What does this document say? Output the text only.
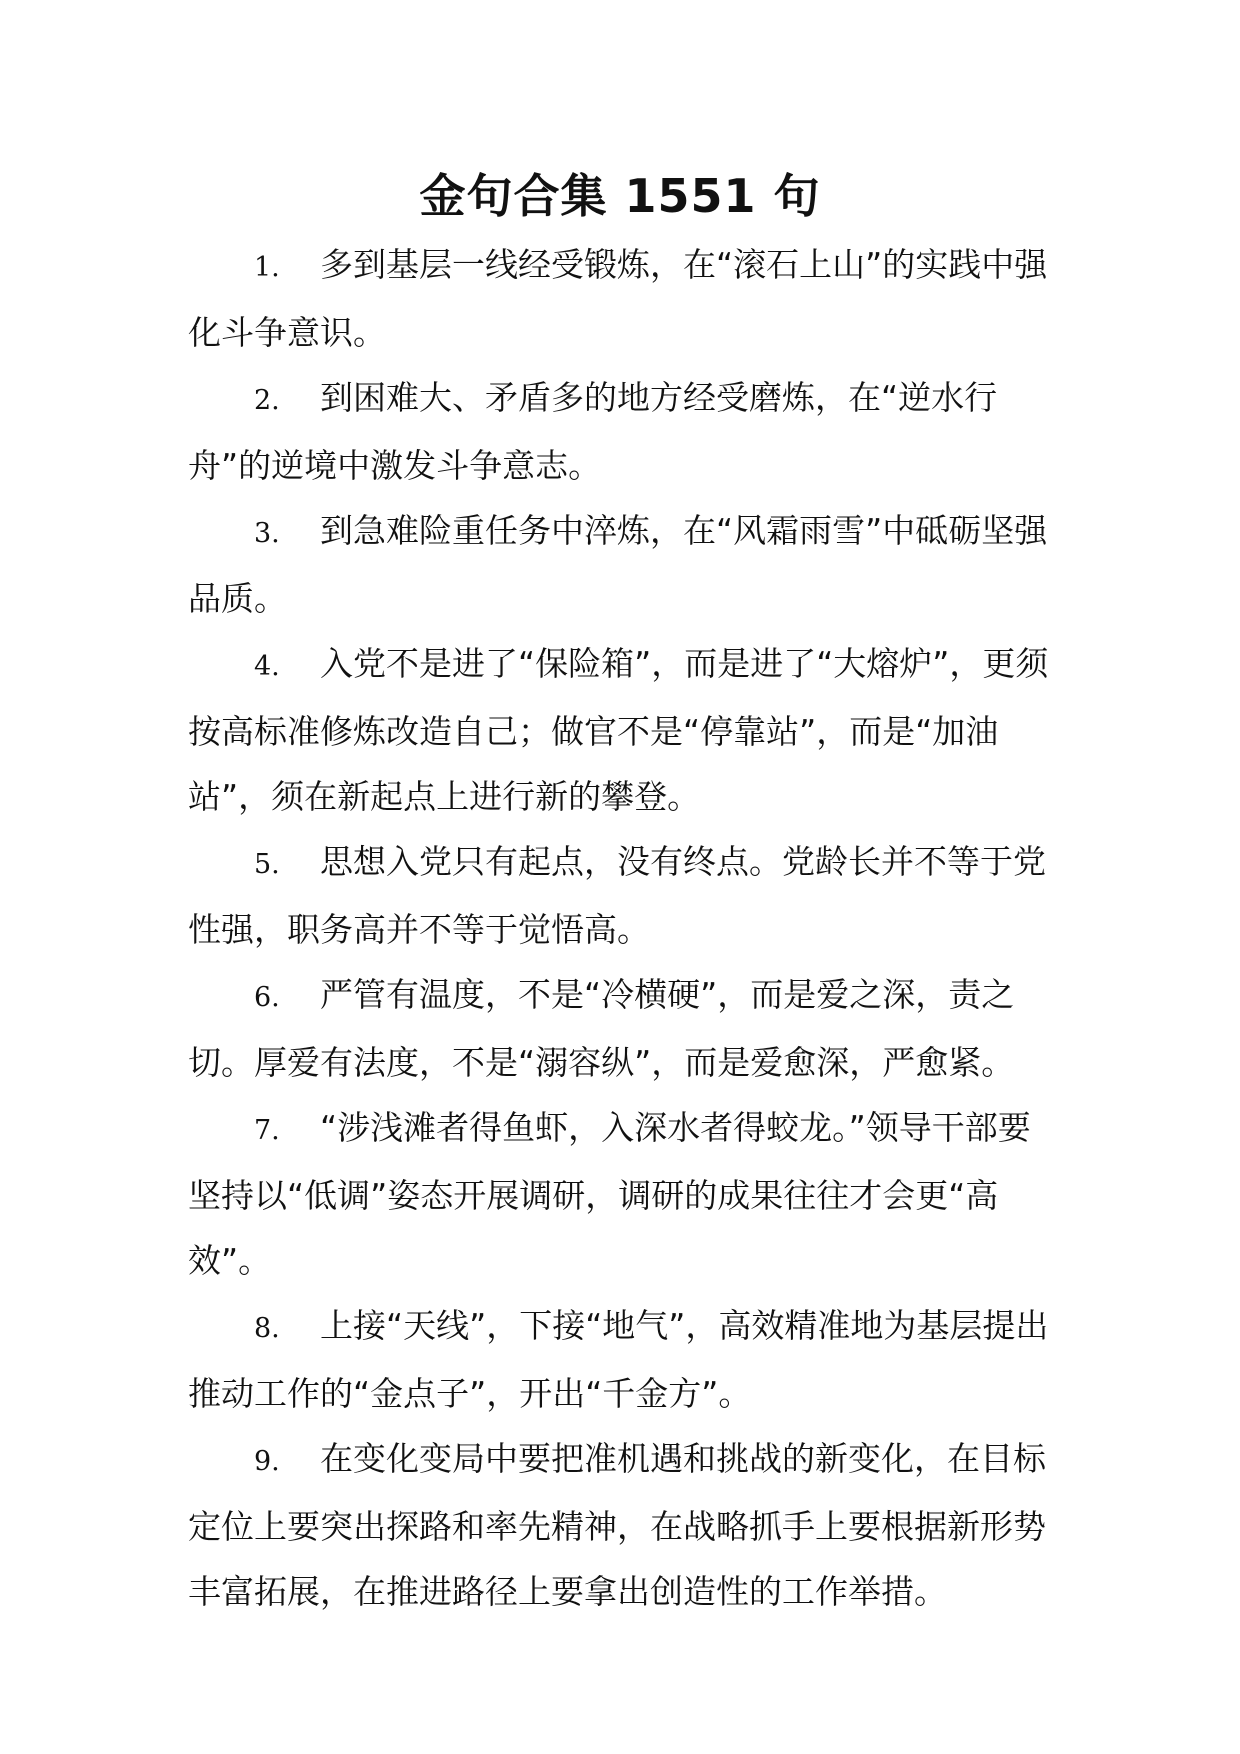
金句合集 1551 句

1. 多到基层一线经受锻炼，在“滚石上山”的实践中强化斗争意识。

2. 到困难大、矛盾多的地方经受磨炼，在“逆水行舟”的逆境中激发斗争意志。

3. 到急难险重任务中淬炼，在“风霜雨雪”中砥砺坚强品质。

4. 入党不是进了“保险箱”，而是进了“大熔炉”，更须按高标准修炼改造自己；做官不是“停靠站”，而是“加油站”，须在新起点上进行新的攀登。

5. 思想入党只有起点，没有终点。党龄长并不等于党性强，职务高并不等于觉悟高。

6. 严管有温度，不是“冷横硬”，而是爱之深，责之切。厚爱有法度，不是“溺容纵”，而是爱愈深，严愈紧。

7. “涉浅滩者得鱼虾，入深水者得蛟龙。”领导干部要坚持以“低调”姿态开展调研，调研的成果往往才会更“高效”。

8. 上接“天线”，下接“地气”，高效精准地为基层提出推动工作的“金点子”，开出“千金方”。

9. 在变化变局中要把准机遇和挑战的新变化，在目标定位上要突出探路和率先精神，在战略抓手上要根据新形势丰富拓展，在推进路径上要拿出创造性的工作举措。
